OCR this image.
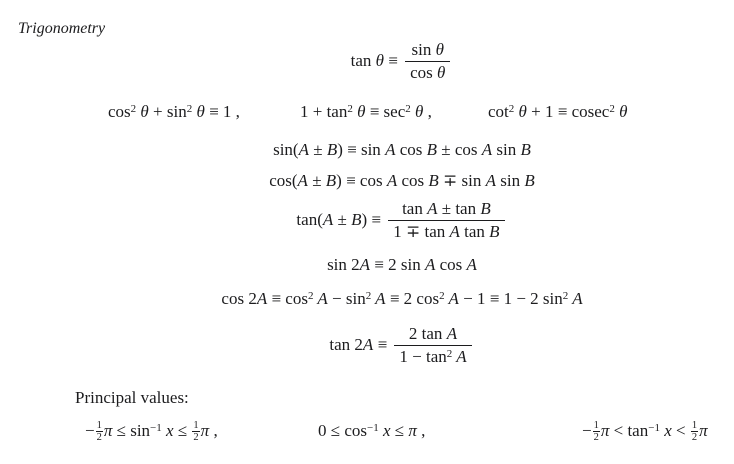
Trigonometry
$\tan \theta \equiv \frac{\text{sin θ}}{\text{cos θ}}$
$\cos^2 \theta + \sin^2 \theta \equiv 1$ ,	$1 + \tan^2 \theta \equiv \sec^2 \theta$ ,	$\cot^2 \theta + 1 \equiv cosec^2$ θ
sin(A ± B) ≡ sin A cos B ± cos A sin B
cos(A ± B) ≡ cos A cos B ∓ sin A sin B
$\tan(A \pm B) \equiv \frac{\text{tan A ± tan B}}{\text{1 ∓ tan A tan B}}$
sin 2A ≡ 2 sin A cos A
$\cos 2A \equiv \cos^2 A - \sin^2 A \equiv 2$ $\cos^2 A - 1 \equiv 1 - 2$ $\sin^2 A$
$\tan 2A \equiv \frac{\text{2 tan A}}{1 - \tan^2 A}$
Principal values:
− $\frac{1}{2}$ $\pi \le \sin^{-1} x \le \frac{1}{2}$ π ,	$0 \le \cos^{-1} x \le \pi$ ,	− $\frac{1}{2}$ $\pi < \tan^{-1} x < \frac{1}{2}$ π
